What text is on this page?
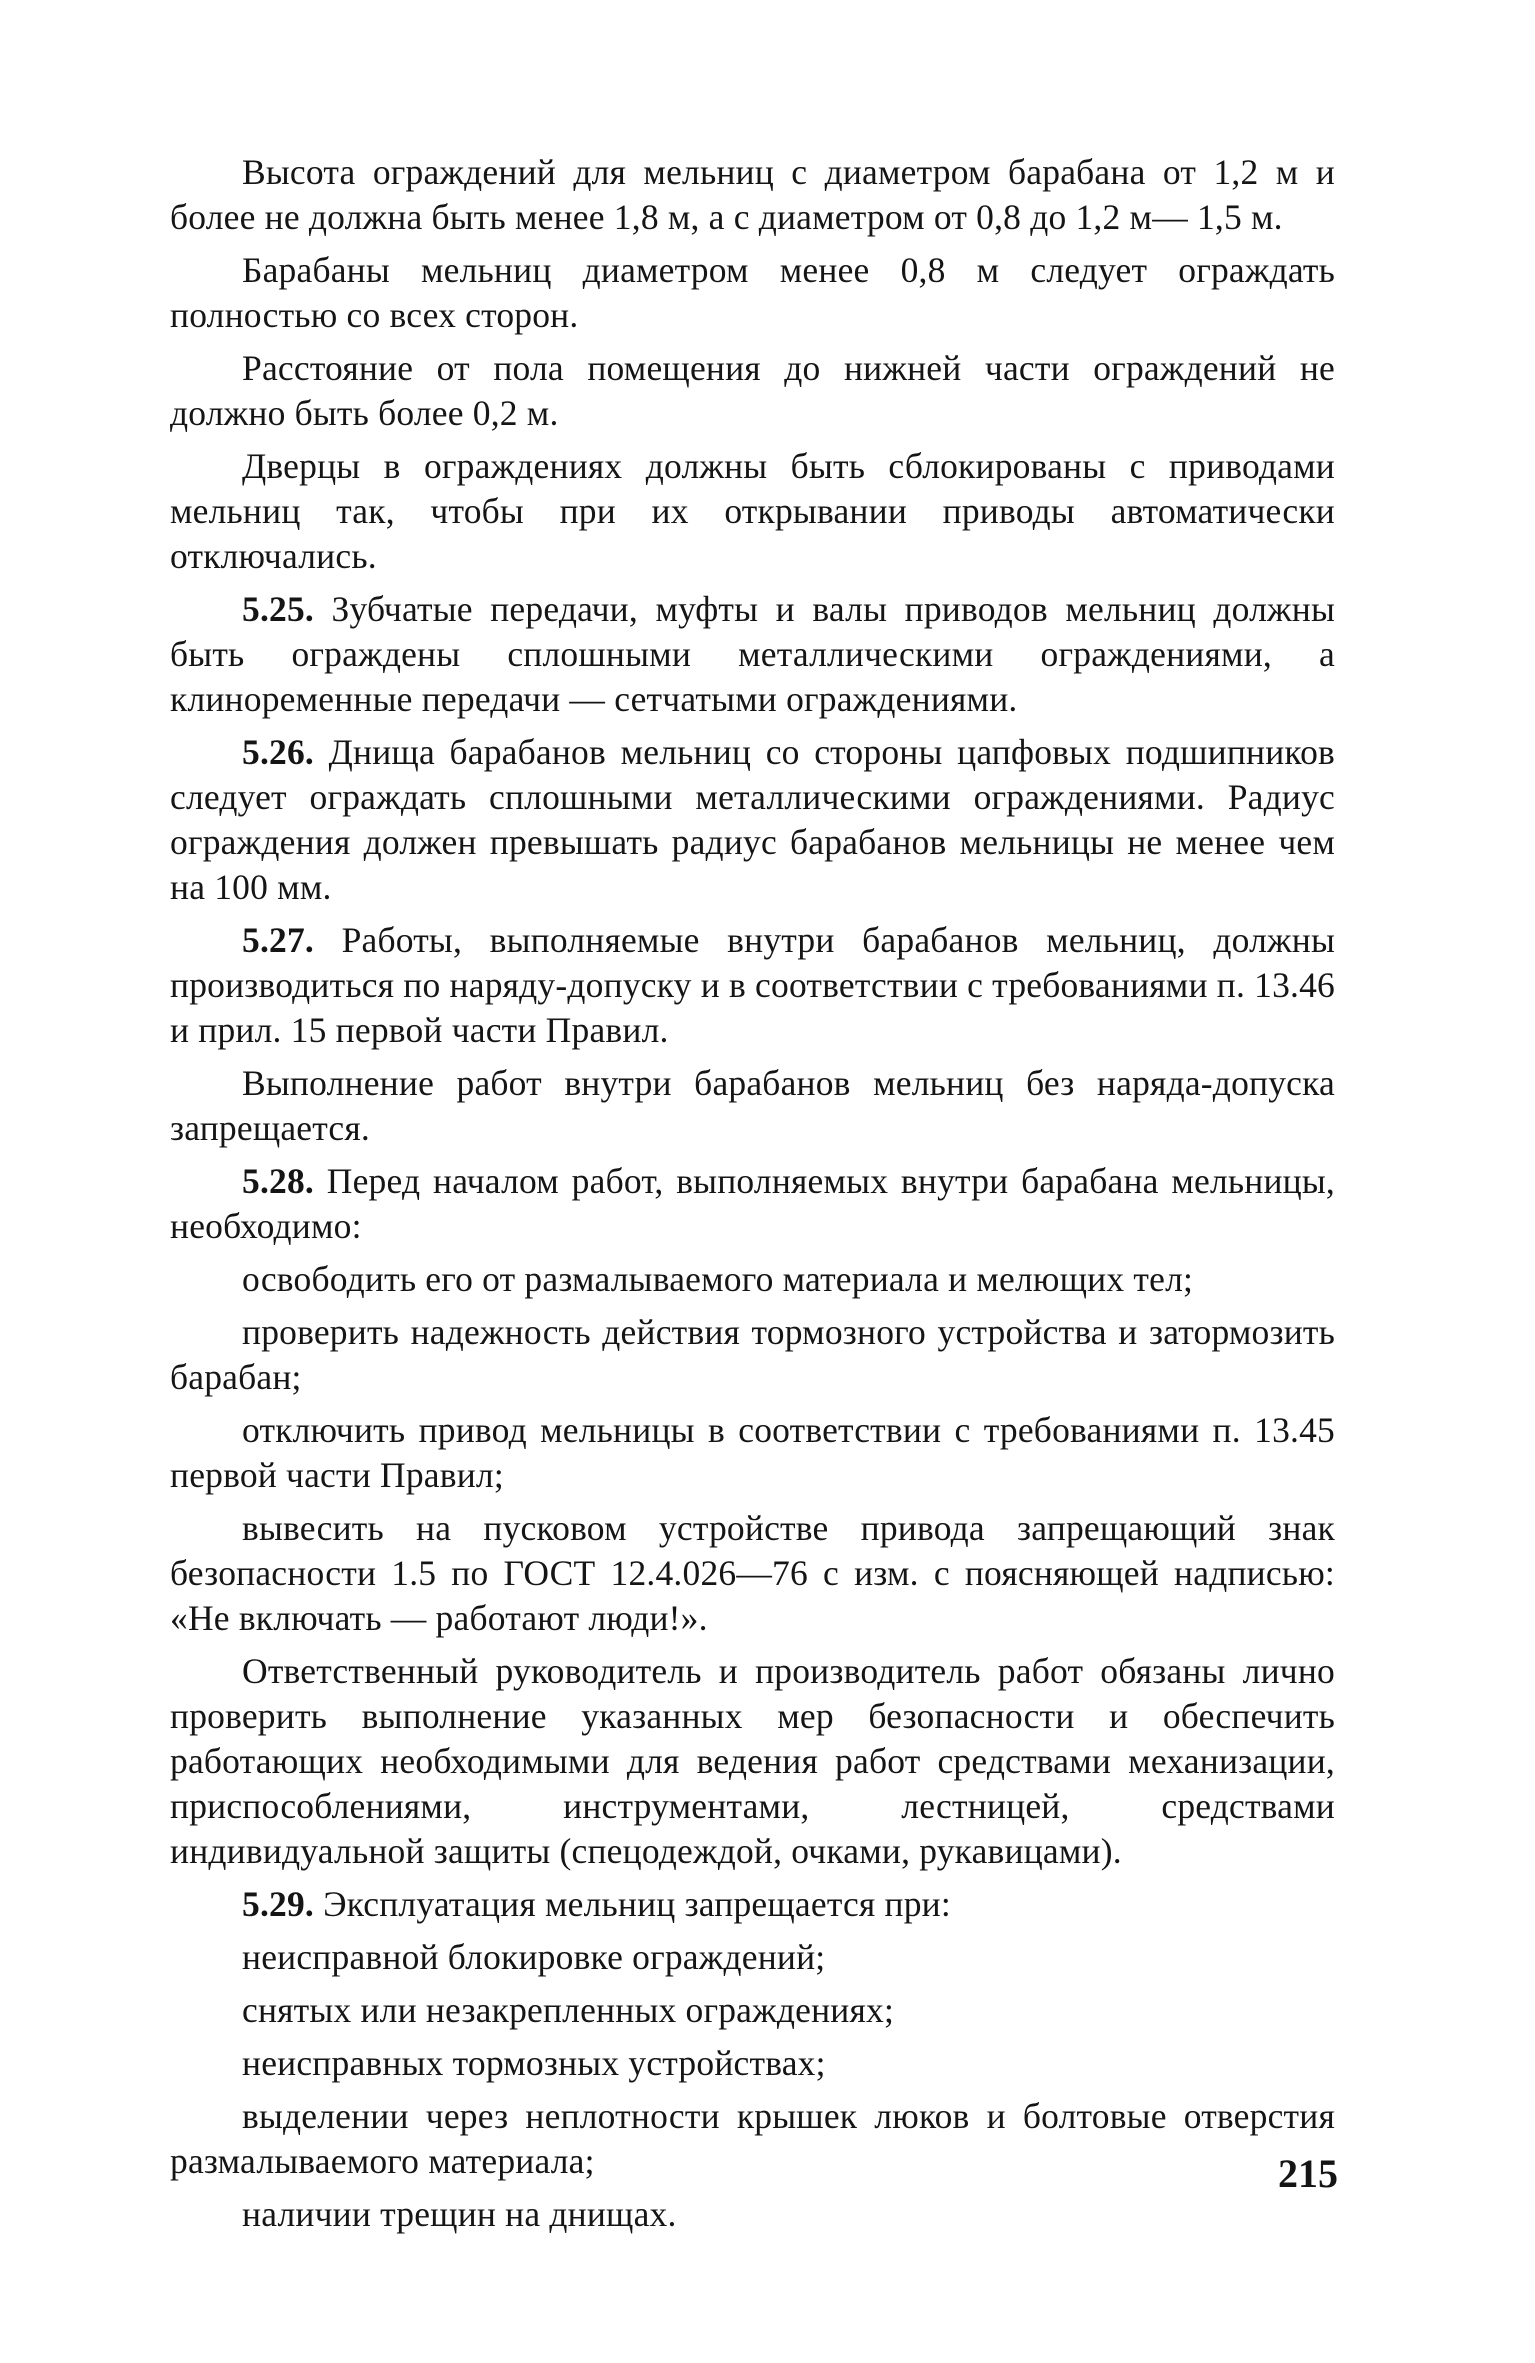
Высота ограждений для мельниц с диаметром барабана от 1,2 м и более не должна быть менее 1,8 м, а с диаметром от 0,8 до 1,2 м— 1,5 м.

Барабаны мельниц диаметром менее 0,8 м следует ограждать полностью со всех сторон.

Расстояние от пола помещения до нижней части ограждений не должно быть более 0,2 м.

Дверцы в ограждениях должны быть сблокированы с приводами мельниц так, чтобы при их открывании приводы автоматически отключались.

5.25. Зубчатые передачи, муфты и валы приводов мельниц должны быть ограждены сплошными металлическими ограждениями, а клиноременные передачи — сетчатыми ограждениями.

5.26. Днища барабанов мельниц со стороны цапфовых подшипников следует ограждать сплошными металлическими ограждениями. Радиус ограждения должен превышать радиус барабанов мельницы не менее чем на 100 мм.

5.27. Работы, выполняемые внутри барабанов мельниц, должны производиться по наряду-допуску и в соответствии с требованиями п. 13.46 и прил. 15 первой части Правил.

Выполнение работ внутри барабанов мельниц без наряда-допуска запрещается.

5.28. Перед началом работ, выполняемых внутри барабана мельницы, необходимо:

освободить его от размалываемого материала и мелющих тел;

проверить надежность действия тормозного устройства и затормозить барабан;

отключить привод мельницы в соответствии с требованиями п. 13.45 первой части Правил;

вывесить на пусковом устройстве привода запрещающий знак безопасности 1.5 по ГОСТ 12.4.026—76 с изм. с поясняющей надписью: «Не включать — работают люди!».

Ответственный руководитель и производитель работ обязаны лично проверить выполнение указанных мер безопасности и обеспечить работающих необходимыми для ведения работ средствами механизации, приспособлениями, инструментами, лестницей, средствами индивидуальной защиты (спецодеждой, очками, рукавицами).

5.29. Эксплуатация мельниц запрещается при:

неисправной блокировке ограждений;

снятых или незакрепленных ограждениях;

неисправных тормозных устройствах;

выделении через неплотности крышек люков и болтовые отверстия размалываемого материала;

наличии трещин на днищах.

215
